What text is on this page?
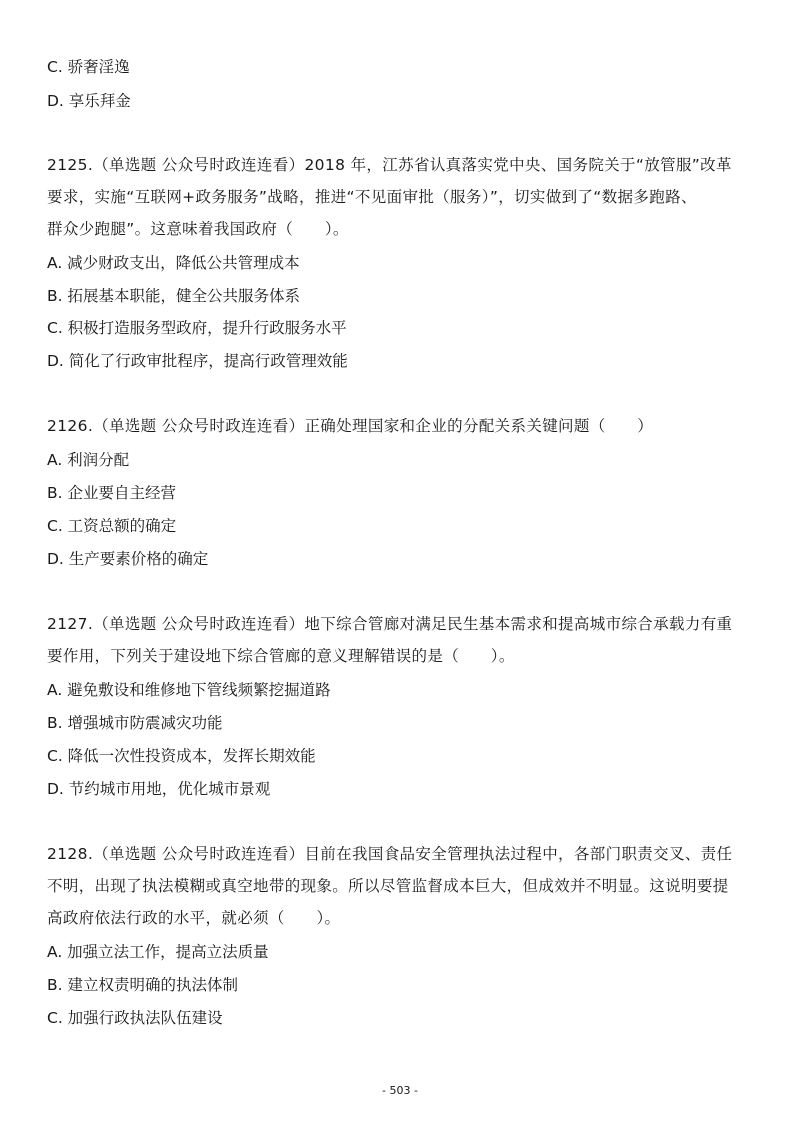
C. 骄奢淫逸
D. 享乐拜金
2125.（单选题 公众号时政连连看）2018 年，江苏省认真落实党中央、国务院关于“放管服”改革
要求，实施“互联网+政务服务”战略，推进“不见面审批（服务）”，切实做到了“数据多跑路、
群众少跑腿”。这意味着我国政府（　　）。
A. 减少财政支出，降低公共管理成本
B. 拓展基本职能，健全公共服务体系
C. 积极打造服务型政府，提升行政服务水平
D. 简化了行政审批程序，提高行政管理效能
2126.（单选题 公众号时政连连看）正确处理国家和企业的分配关系关键问题（　　）
A. 利润分配
B. 企业要自主经营
C. 工资总额的确定
D. 生产要素价格的确定
2127.（单选题 公众号时政连连看）地下综合管廊对满足民生基本需求和提高城市综合承载力有重
要作用，下列关于建设地下综合管廊的意义理解错误的是（　　）。
A. 避免敷设和维修地下管线频繁挖掘道路
B. 增强城市防震减灾功能
C. 降低一次性投资成本，发挥长期效能
D. 节约城市用地，优化城市景观
2128.（单选题 公众号时政连连看）目前在我国食品安全管理执法过程中，各部门职责交叉、责任
不明，出现了执法模糊或真空地带的现象。所以尽管监督成本巨大，但成效并不明显。这说明要提
高政府依法行政的水平，就必须（　　）。
A. 加强立法工作，提高立法质量
B. 建立权责明确的执法体制
C. 加强行政执法队伍建设
- 503 -
